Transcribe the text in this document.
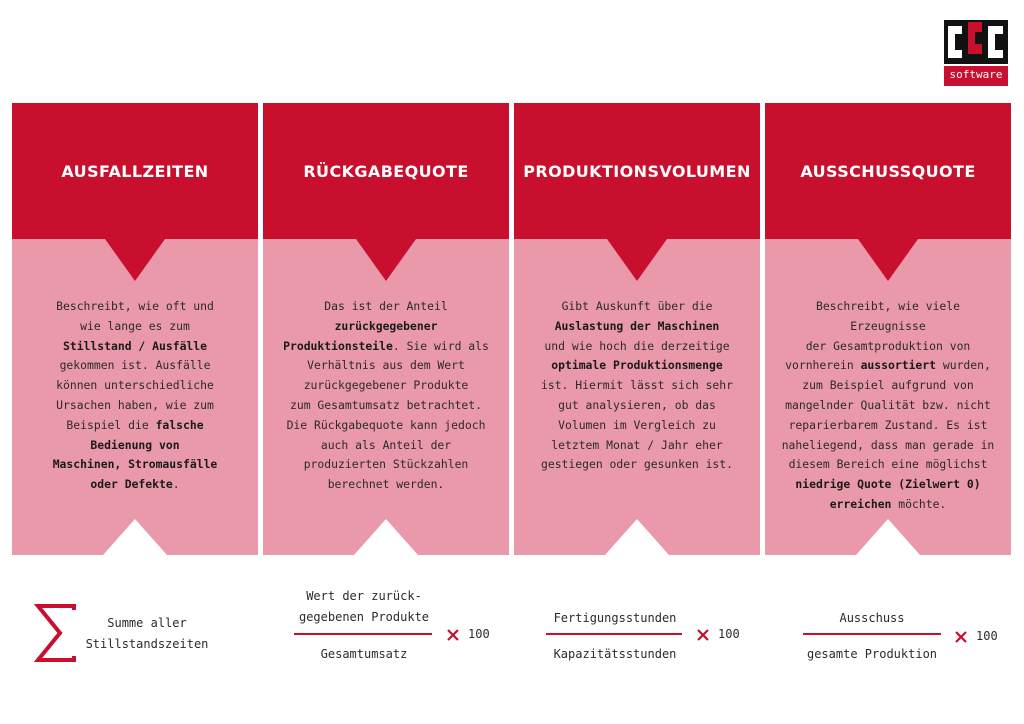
software
Beschreibt, wie oft und
wie lange es zum
Stillstand / Ausfälle
gekommen ist. Ausfälle
können unterschiedliche
Ursachen haben, wie zum
Beispiel die falsche
Bedienung von
Maschinen, Stromausfälle
oder Defekte.
AUSFALLZEITEN
Das ist der Anteil
zurückgegebener
Produktionsteile. Sie wird als
Verhältnis aus dem Wert
zurückgegebener Produkte
zum Gesamtumsatz betrachtet.
Die Rückgabequote kann jedoch
auch als Anteil der
produzierten Stückzahlen
berechnet werden.
RÜCKGABEQUOTE
Gibt Auskunft über die
Auslastung der Maschinen
und wie hoch die derzeitige
optimale Produktionsmenge
ist. Hiermit lässt sich sehr
gut analysieren, ob das
Volumen im Vergleich zu
letztem Monat / Jahr eher
gestiegen oder gesunken ist.
PRODUKTIONSVOLUMEN
Beschreibt, wie viele Erzeugnisse
der Gesamtproduktion von
vornherein aussortiert wurden,
zum Beispiel aufgrund von
mangelnder Qualität bzw. nicht
reparierbarem Zustand. Es ist
naheliegend, dass man gerade in
diesem Bereich eine möglichst
niedrige Quote (Zielwert 0)
erreichen möchte.
AUSSCHUSSQUOTE
Summe aller
Stillstandszeiten
Wert der zurück-
gegebenen Produkte
Gesamtumsatz
100
Fertigungsstunden
Kapazitätsstunden
100
Ausschuss
gesamte Produktion
100
